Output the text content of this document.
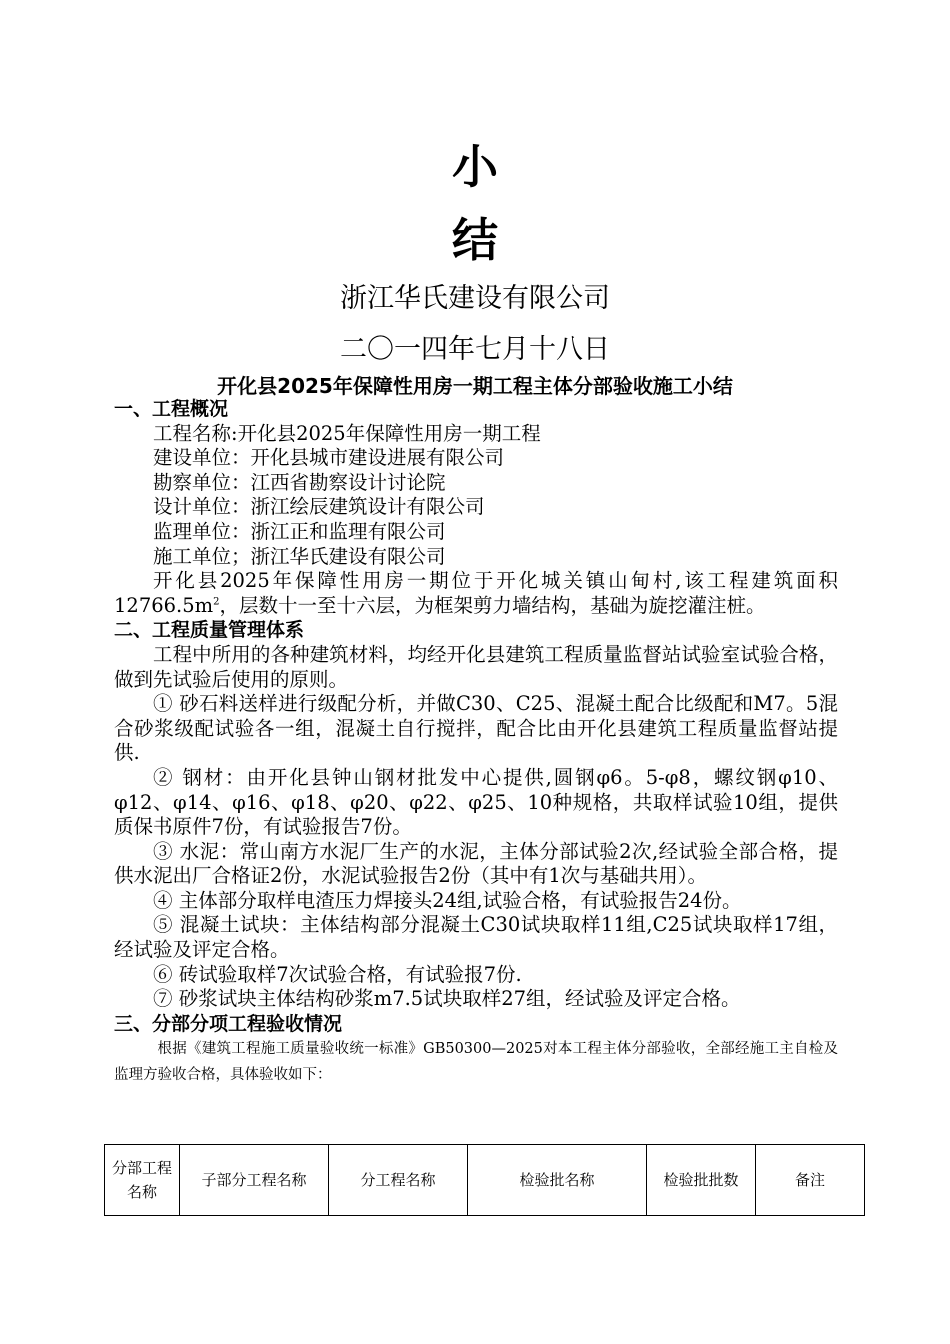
小
结
浙江华氏建设有限公司
二〇一四年七月十八日
开化县2025年保障性用房一期工程主体分部验收施工小结
一、工程概况
工程名称:开化县2025年保障性用房一期工程
建设单位：开化县城市建设进展有限公司
勘察单位：江西省勘察设计讨论院
设计单位：浙江绘辰建筑设计有限公司
监理单位：浙江正和监理有限公司
施工单位；浙江华氏建设有限公司
开化县2025年保障性用房一期位于开化城关镇山甸村,该工程建筑面积$12766.5m^2$，层数十一至十六层，为框架剪力墙结构，基础为旋挖灌注桩。
二、工程质量管理体系
工程中所用的各种建筑材料，均经开化县建筑工程质量监督站试验室试验合格，做到先试验后使用的原则。
① 砂石料送样进行级配分析，并做C30、C25、混凝土配合比级配和M7。5混合砂浆级配试验各一组，混凝土自行搅拌，配合比由开化县建筑工程质量监督站提供.
② 钢材：由开化县钟山钢材批发中心提供,圆钢φ6。5-φ8，螺纹钢φ10、φ12、φ14、φ16、φ18、φ20、φ22、φ25、10种规格，共取样试验10组，提供质保书原件7份，有试验报告7份。
③ 水泥：常山南方水泥厂生产的水泥，主体分部试验2次,经试验全部合格，提供水泥出厂合格证2份，水泥试验报告2份（其中有1次与基础共用）。
④ 主体部分取样电渣压力焊接头24组,试验合格，有试验报告24份。
⑤ 混凝土试块：主体结构部分混凝土C30试块取样11组,C25试块取样17组，经试验及评定合格。
⑥ 砖试验取样7次试验合格，有试验报7份.
⑦ 砂浆试块主体结构砂浆m7.5试块取样27组，经试验及评定合格。
三、分部分项工程验收情况
根据《建筑工程施工质量验收统一标准》GB50300—2025对本工程主体分部验收，全部经施工主自检及监理方验收合格，具体验收如下：
分部工程名称	子部分工程名称	分工程名称	检验批名称	检验批批数	备注
